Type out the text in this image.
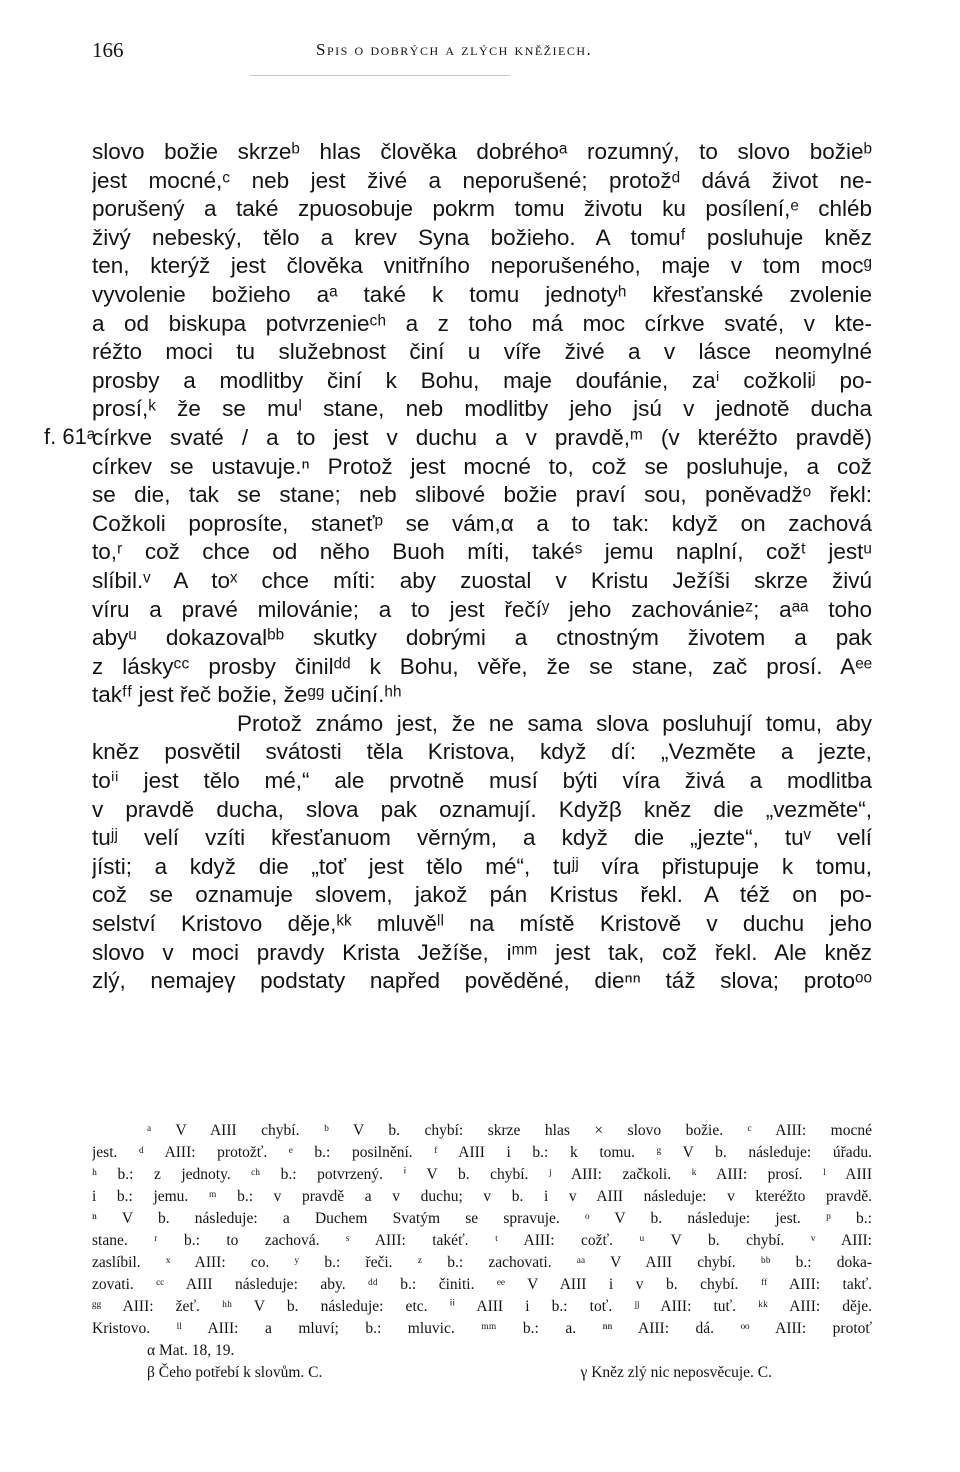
166	Spis o dobrých a zlých kněžiech.
f. 61ᵃ
slovo božie skrzeᵇ hlas člověka dobréhoᵃ rozumný, to slovo božieᵇ
jest mocné,ᶜ neb jest živé a neporušené; protožᵈ dává život ne-
porušený a také zpuosobuje pokrm tomu životu ku posílení,ᵉ chléb
živý nebeský, tělo a krev Syna božieho. A tomuᶠ posluhuje kněz
ten, kterýž jest člověka vnitřního neporušeného, maje v tom mocᵍ
vyvolenie božieho aᵃ také k tomu jednotyʰ křesťanské zvolenie
a od biskupa potvrzenieᶜʰ a z toho má moc církve svaté, v kte-
réžto moci tu služebnost činí u víře živé a v lásce neomylné
prosby a modlitby činí k Bohu, maje doufánie, zaⁱ cožkoliʲ po-
prosí,ᵏ že se muˡ stane, neb modlitby jeho jsú v jednotě ducha
církve svaté / a to jest v duchu a v pravdě,ᵐ (v kteréžto pravdě)
církev se ustavuje.ⁿ Protož jest mocné to, což se posluhuje, a což
se die, tak se stane; neb slibové božie praví sou, poněvadžᵒ řekl:
Cožkoli poprosíte, staneťᵖ se vám,α a to tak: když on zachová
to,ʳ což chce od něho Buoh míti, takéˢ jemu naplní, cožᵗ jestᵘ
slíbil.ᵛ A toˣ chce míti: aby zuostal v Kristu Ježíši skrze živú
víru a pravé milovánie; a to jest řečíʸ jeho zachovánieᶻ; aᵃᵃ toho
abyᵘ dokazovalᵇᵇ skutky dobrými a ctnostným životem a pak
z láskyᶜᶜ prosby činilᵈᵈ k Bohu, věře, že se stane, zač prosí. Aᵉᵉ
takᶠᶠ jest řeč božie, žeᵍᵍ učiní.ʰʰ
Protož známo jest, že ne sama slova posluhují tomu, aby
kněz posvětil svátosti těla Kristova, když dí: „Vezměte a jezte,
toⁱⁱ jest tělo mé,“ ale prvotně musí býti víra živá a modlitba
v pravdě ducha, slova pak oznamují. Kdyžβ kněz die „vezměte“,
tuʲʲ velí vzíti křesťanuom věrným, a když die „jezte“, tuᵛ velí
jísti; a když die „toť jest tělo mé“, tuʲʲ víra přistupuje k tomu,
což se oznamuje slovem, jakož pán Kristus řekl. A též on po-
selství Kristovo děje,ᵏᵏ mluvěˡˡ na místě Kristově v duchu jeho
slovo v moci pravdy Krista Ježíše, iᵐᵐ jest tak, což řekl. Ale kněz
zlý, nemajeγ podstaty napřed pověděné, dieⁿⁿ táž slova; protoᵒᵒ
ᵃ V AIII chybí. ᵇ V b. chybí: skrze hlas × slovo božie. ᶜ AIII: mocné
jest. ᵈ AIII: protožť. ᵉ b.: posilnění. ᶠ AIII i b.: k tomu. ᵍ V b. následuje: úřadu.
ʰ b.: z jednoty. ᶜʰ b.: potvrzený. ⁱ V b. chybí. ʲ AIII: začkoli. ᵏ AIII: prosí. ˡ AIII
i b.: jemu. ᵐ b.: v pravdě a v duchu; v b. i v AIII následuje: v kteréžto pravdě.
ⁿ V b. následuje: a Duchem Svatým se spravuje. ᵒ V b. následuje: jest. ᵖ b.:
stane. ʳ b.: to zachová. ˢ AIII: takéť. ᵗ AIII: cožť. ᵘ V b. chybí. ᵛ AIII:
zaslíbil. ˣ AIII: co. ʸ b.: řeči. ᶻ b.: zachovati. ᵃᵃ V AIII chybí. ᵇᵇ b.: doka-
zovati. ᶜᶜ AIII následuje: aby. ᵈᵈ b.: činiti. ᵉᵉ V AIII i v b. chybí. ᶠᶠ AIII: takť.
ᵍᵍ AIII: žeť. ʰʰ V b. následuje: etc. ⁱⁱ AIII i b.: toť. ʲʲ AIII: tuť. ᵏᵏ AIII: děje.
Kristovo. ˡˡ AIII: a mluví; b.: mluvic. ᵐᵐ b.: a. ⁿⁿ AIII: dá. ᵒᵒ AIII: protoť
α Mat. 18, 19.
β Čeho potřebí k slovům. C.	γ Kněz zlý nic neposvěcuje. C.
